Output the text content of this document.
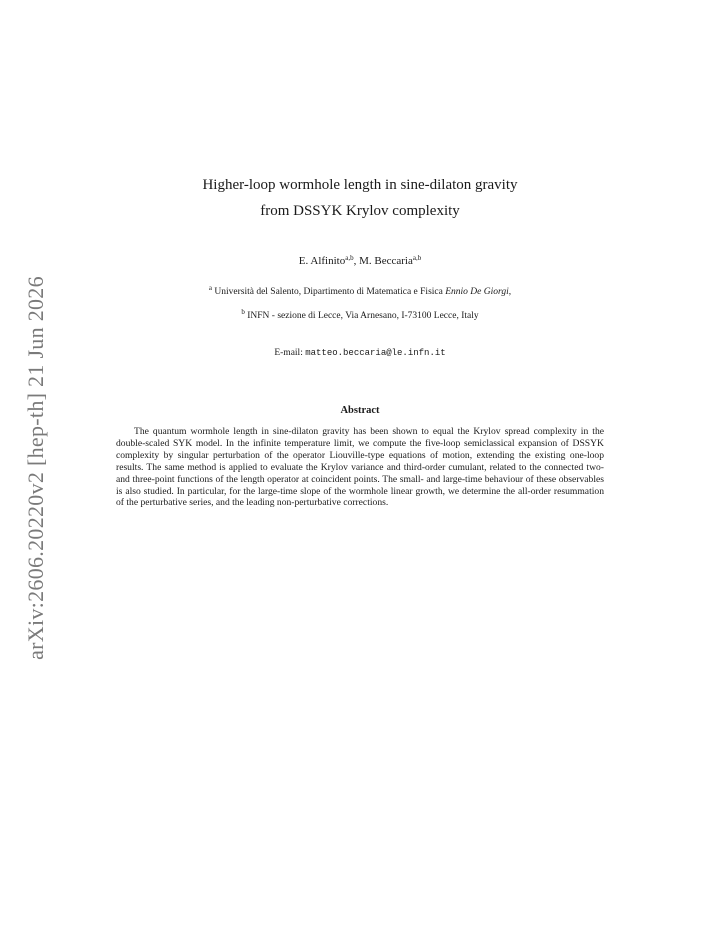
arXiv:2606.20220v2 [hep-th] 21 Jun 2026
Higher-loop wormhole length in sine-dilaton gravity
from DSSYK Krylov complexity
E. Alfinito$^{a,b}$, M. Beccaria$^{a,b}$
$^a$ Università del Salento, Dipartimento di Matematica e Fisica Ennio De Giorgi,
$^b$ INFN - sezione di Lecce, Via Arnesano, I-73100 Lecce, Italy
E-mail: matteo.beccaria@le.infn.it
Abstract

The quantum wormhole length in sine-dilaton gravity has been shown to equal the Krylov spread complexity in the double-scaled SYK model. In the infinite temperature limit, we compute the five-loop semiclassical expansion of DSSYK complexity by singular perturbation of the operator Liouville-type equations of motion, extending the existing one-loop results. The same method is applied to evaluate the Krylov variance and third-order cumulant, related to the connected two- and three-point functions of the length operator at coincident points. The small- and large-time behaviour of these observables is also studied. In particular, for the large-time slope of the wormhole linear growth, we determine the all-order resummation of the perturbative series, and the leading non-perturbative corrections.
